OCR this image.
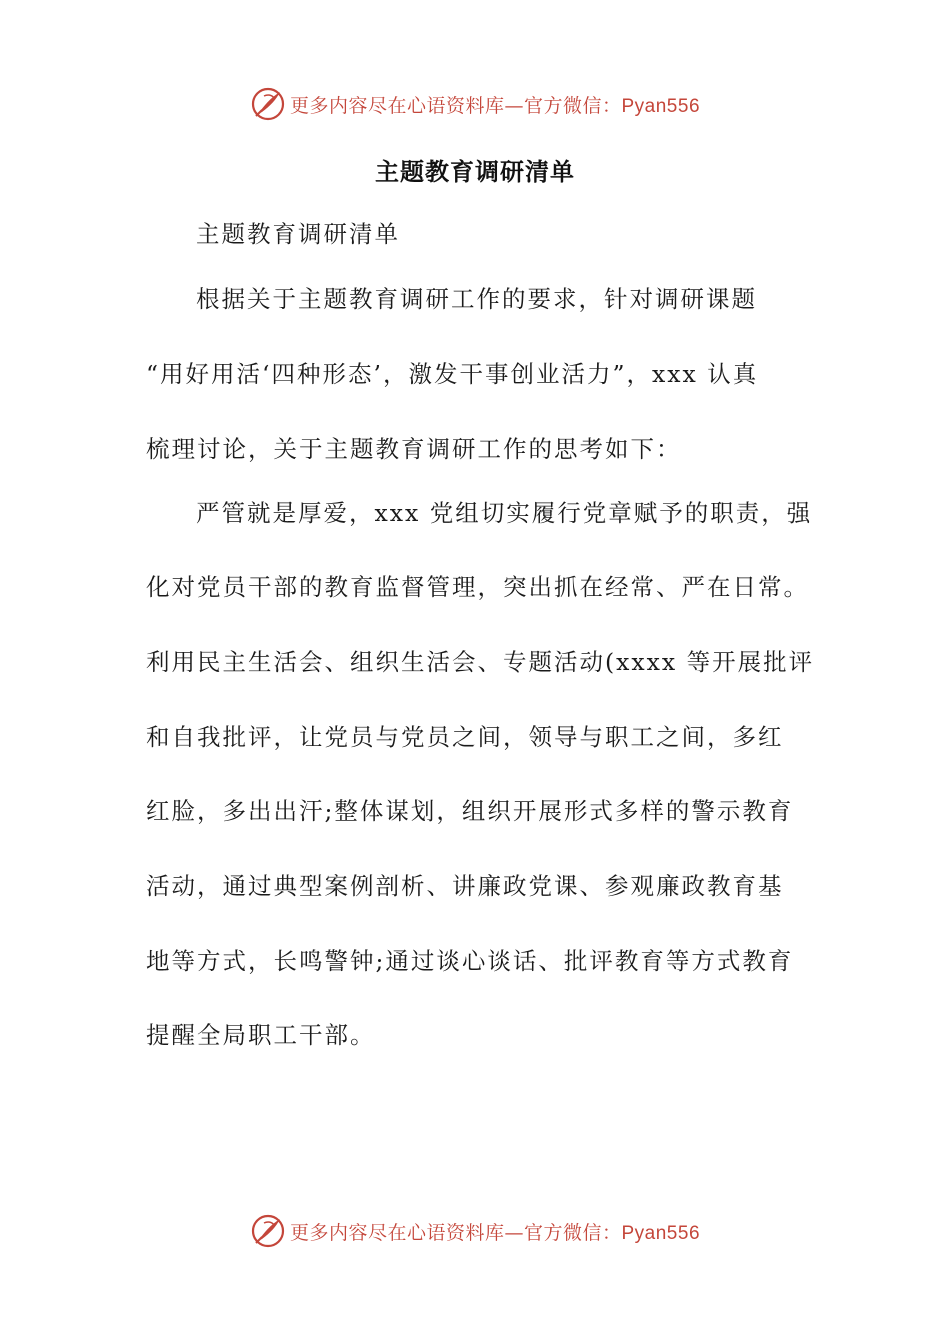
更多内容尽在心语资料库—官方微信：Pyan556
主题教育调研清单
主题教育调研清单
根据关于主题教育调研工作的要求，针对调研课题
“用好用活‘四种形态’，激发干事创业活力”，xxx 认真
梳理讨论，关于主题教育调研工作的思考如下：
严管就是厚爱，xxx 党组切实履行党章赋予的职责，强
化对党员干部的教育监督管理，突出抓在经常、严在日常。
利用民主生活会、组织生活会、专题活动(xxxx 等开展批评
和自我批评，让党员与党员之间，领导与职工之间，多红
红脸，多出出汗;整体谋划，组织开展形式多样的警示教育
活动，通过典型案例剖析、讲廉政党课、参观廉政教育基
地等方式，长鸣警钟;通过谈心谈话、批评教育等方式教育
提醒全局职工干部。
更多内容尽在心语资料库—官方微信：Pyan556
